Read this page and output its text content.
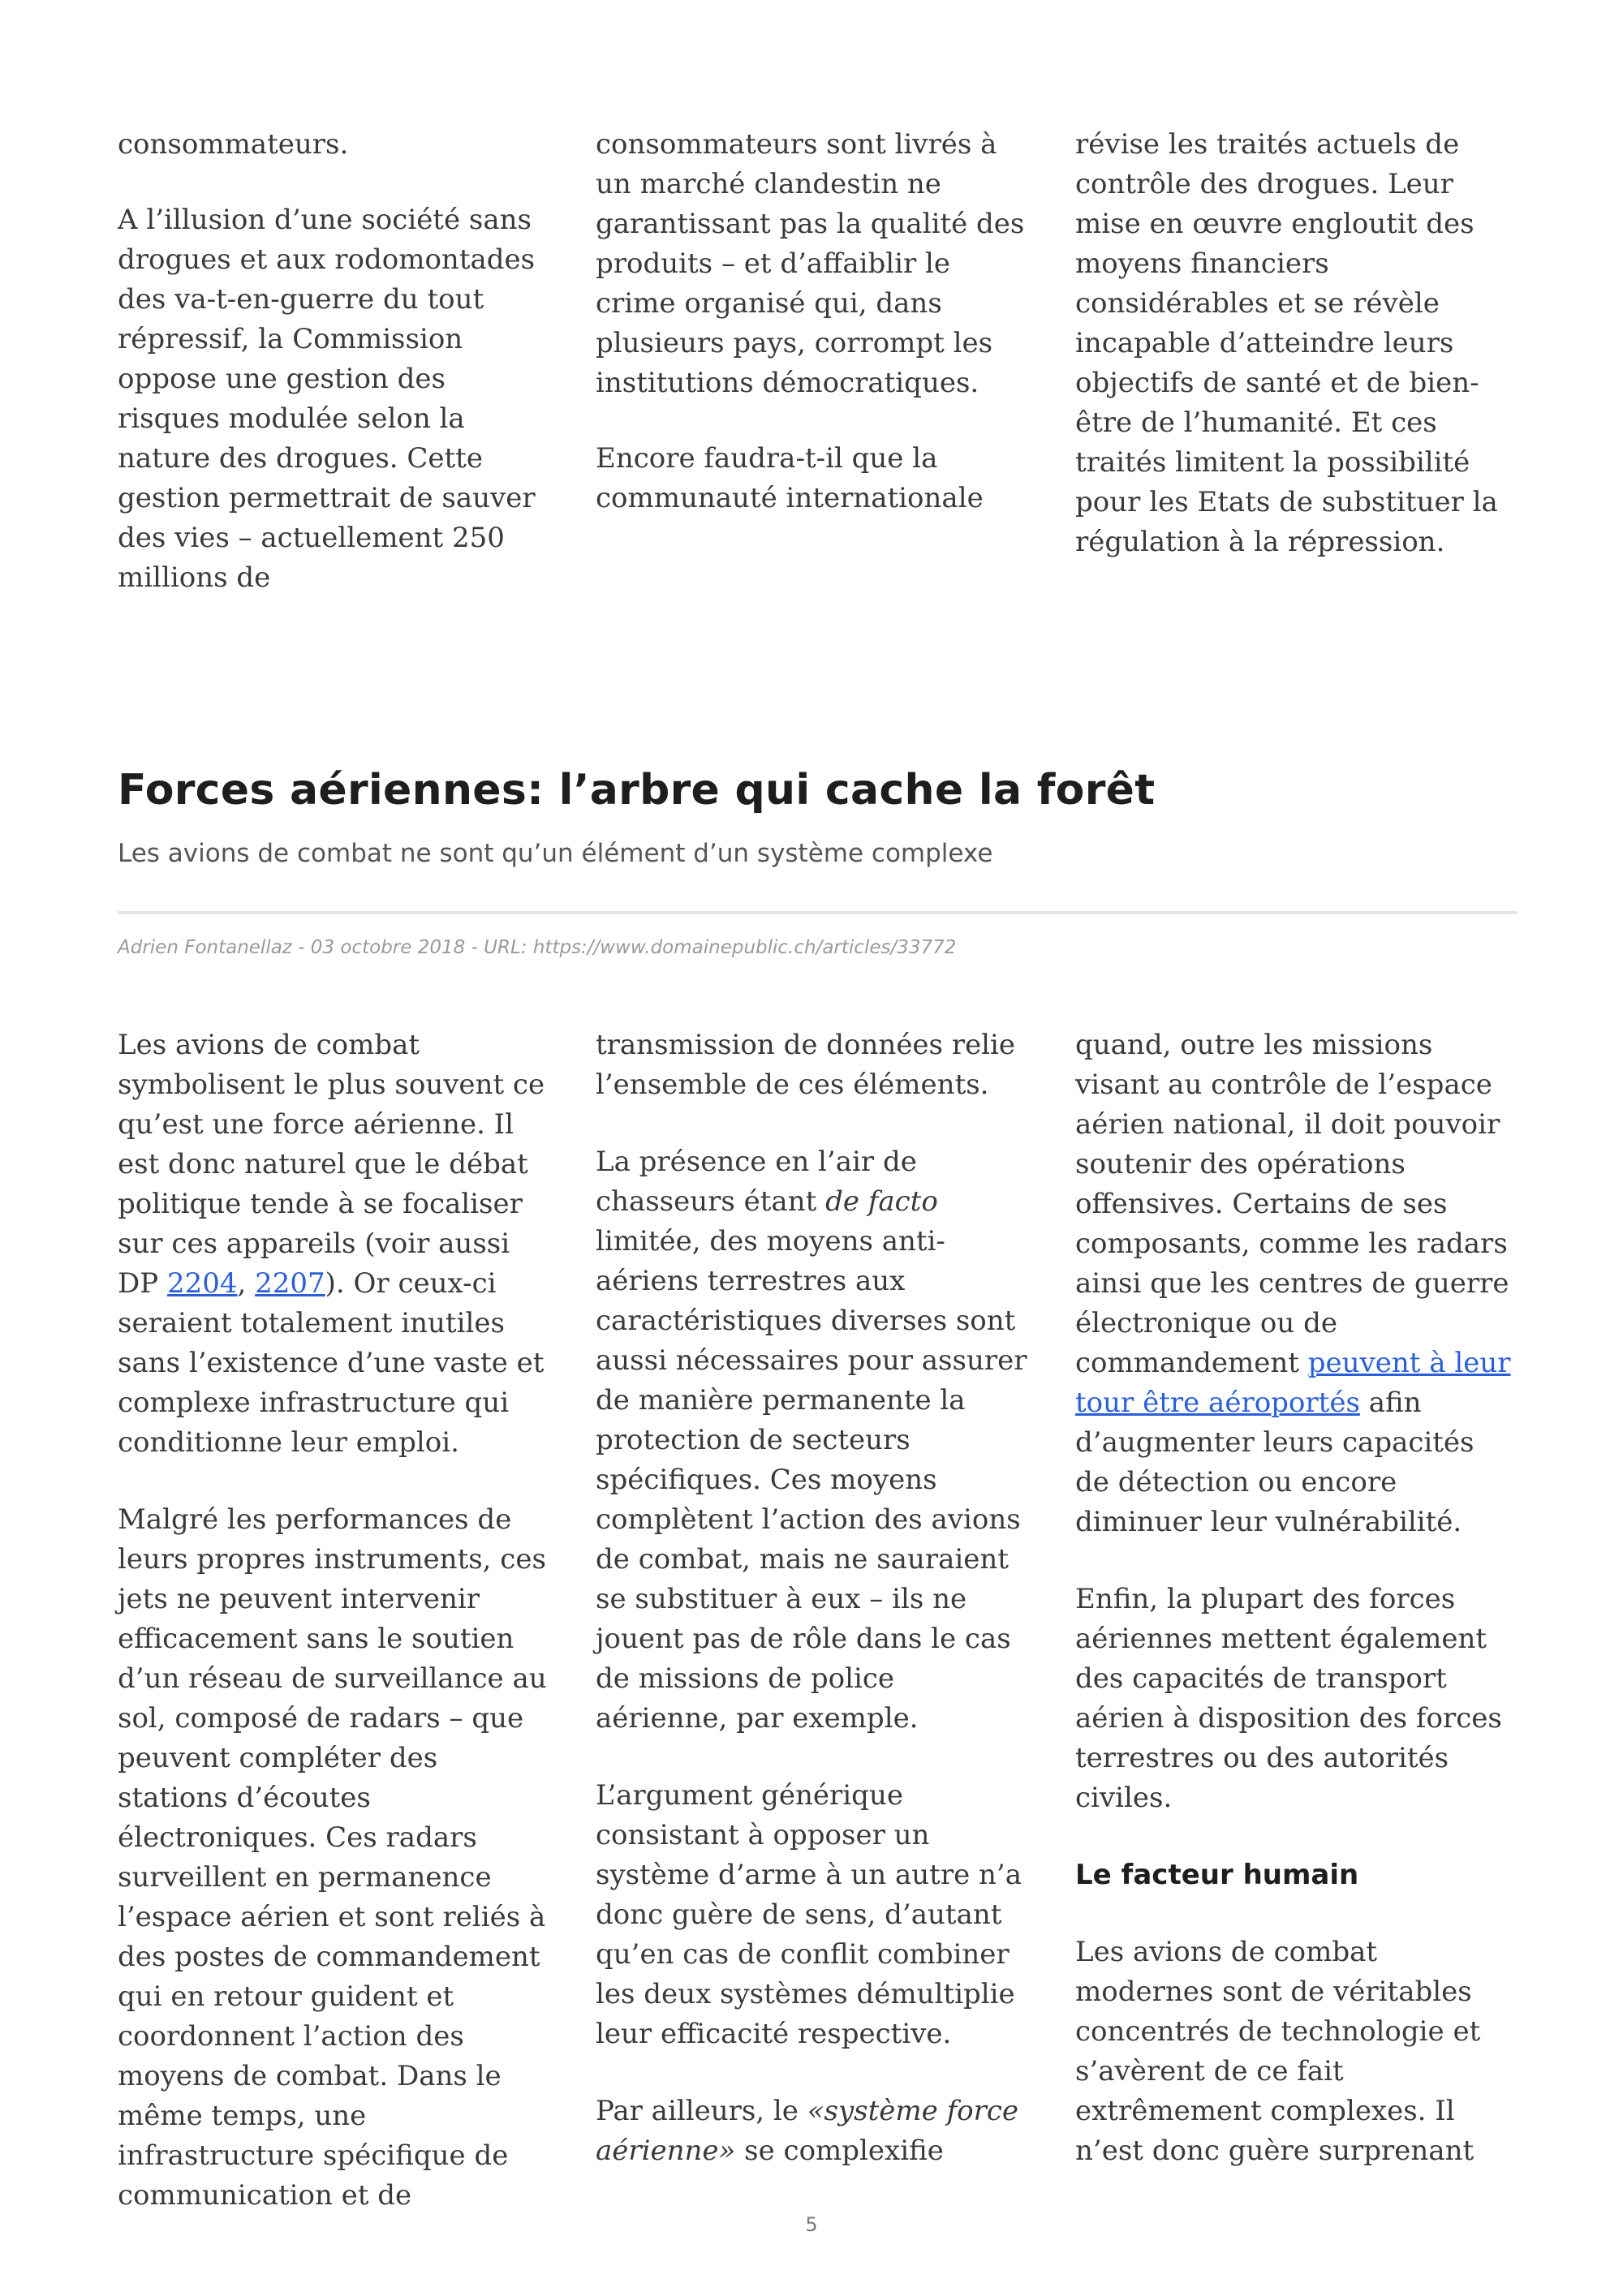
consommateurs.

A l’illusion d’une société sans drogues et aux rodomontades des va-t-en-guerre du tout répressif, la Commission oppose une gestion des risques modulée selon la nature des drogues. Cette gestion permettrait de sauver des vies – actuellement 250 millions de

consommateurs sont livrés à un marché clandestin ne garantissant pas la qualité des produits – et d’affaiblir le crime organisé qui, dans plusieurs pays, corrompt les institutions démocratiques.

Encore faudra-t-il que la communauté internationale

révise les traités actuels de contrôle des drogues. Leur mise en œuvre engloutit des moyens financiers considérables et se révèle incapable d’atteindre leurs objectifs de santé et de bien-être de l’humanité. Et ces traités limitent la possibilité pour les Etats de substituer la régulation à la répression.

Forces aériennes: l’arbre qui cache la forêt

Les avions de combat ne sont qu’un élément d’un système complexe

Adrien Fontanellaz - 03 octobre 2018 - URL: https://www.domainepublic.ch/articles/33772

Les avions de combat symbolisent le plus souvent ce qu’est une force aérienne. Il est donc naturel que le débat politique tende à se focaliser sur ces appareils (voir aussi DP 2204, 2207). Or ceux-ci seraient totalement inutiles sans l’existence d’une vaste et complexe infrastructure qui conditionne leur emploi.

Malgré les performances de leurs propres instruments, ces jets ne peuvent intervenir efficacement sans le soutien d’un réseau de surveillance au sol, composé de radars – que peuvent compléter des stations d’écoutes électroniques. Ces radars surveillent en permanence l’espace aérien et sont reliés à des postes de commandement qui en retour guident et coordonnent l’action des moyens de combat. Dans le même temps, une infrastructure spécifique de communication et de

transmission de données relie l’ensemble de ces éléments.

La présence en l’air de chasseurs étant de facto limitée, des moyens anti-aériens terrestres aux caractéristiques diverses sont aussi nécessaires pour assurer de manière permanente la protection de secteurs spécifiques. Ces moyens complètent l’action des avions de combat, mais ne sauraient se substituer à eux – ils ne jouent pas de rôle dans le cas de missions de police aérienne, par exemple.

L’argument générique consistant à opposer un système d’arme à un autre n’a donc guère de sens, d’autant qu’en cas de conflit combiner les deux systèmes démultiplie leur efficacité respective.

Par ailleurs, le «système force aérienne» se complexifie

quand, outre les missions visant au contrôle de l’espace aérien national, il doit pouvoir soutenir des opérations offensives. Certains de ses composants, comme les radars ainsi que les centres de guerre électronique ou de commandement peuvent à leur tour être aéroportés afin d’augmenter leurs capacités de détection ou encore diminuer leur vulnérabilité.

Enfin, la plupart des forces aériennes mettent également des capacités de transport aérien à disposition des forces terrestres ou des autorités civiles.

Le facteur humain

Les avions de combat modernes sont de véritables concentrés de technologie et s’avèrent de ce fait extrêmement complexes. Il n’est donc guère surprenant

5
